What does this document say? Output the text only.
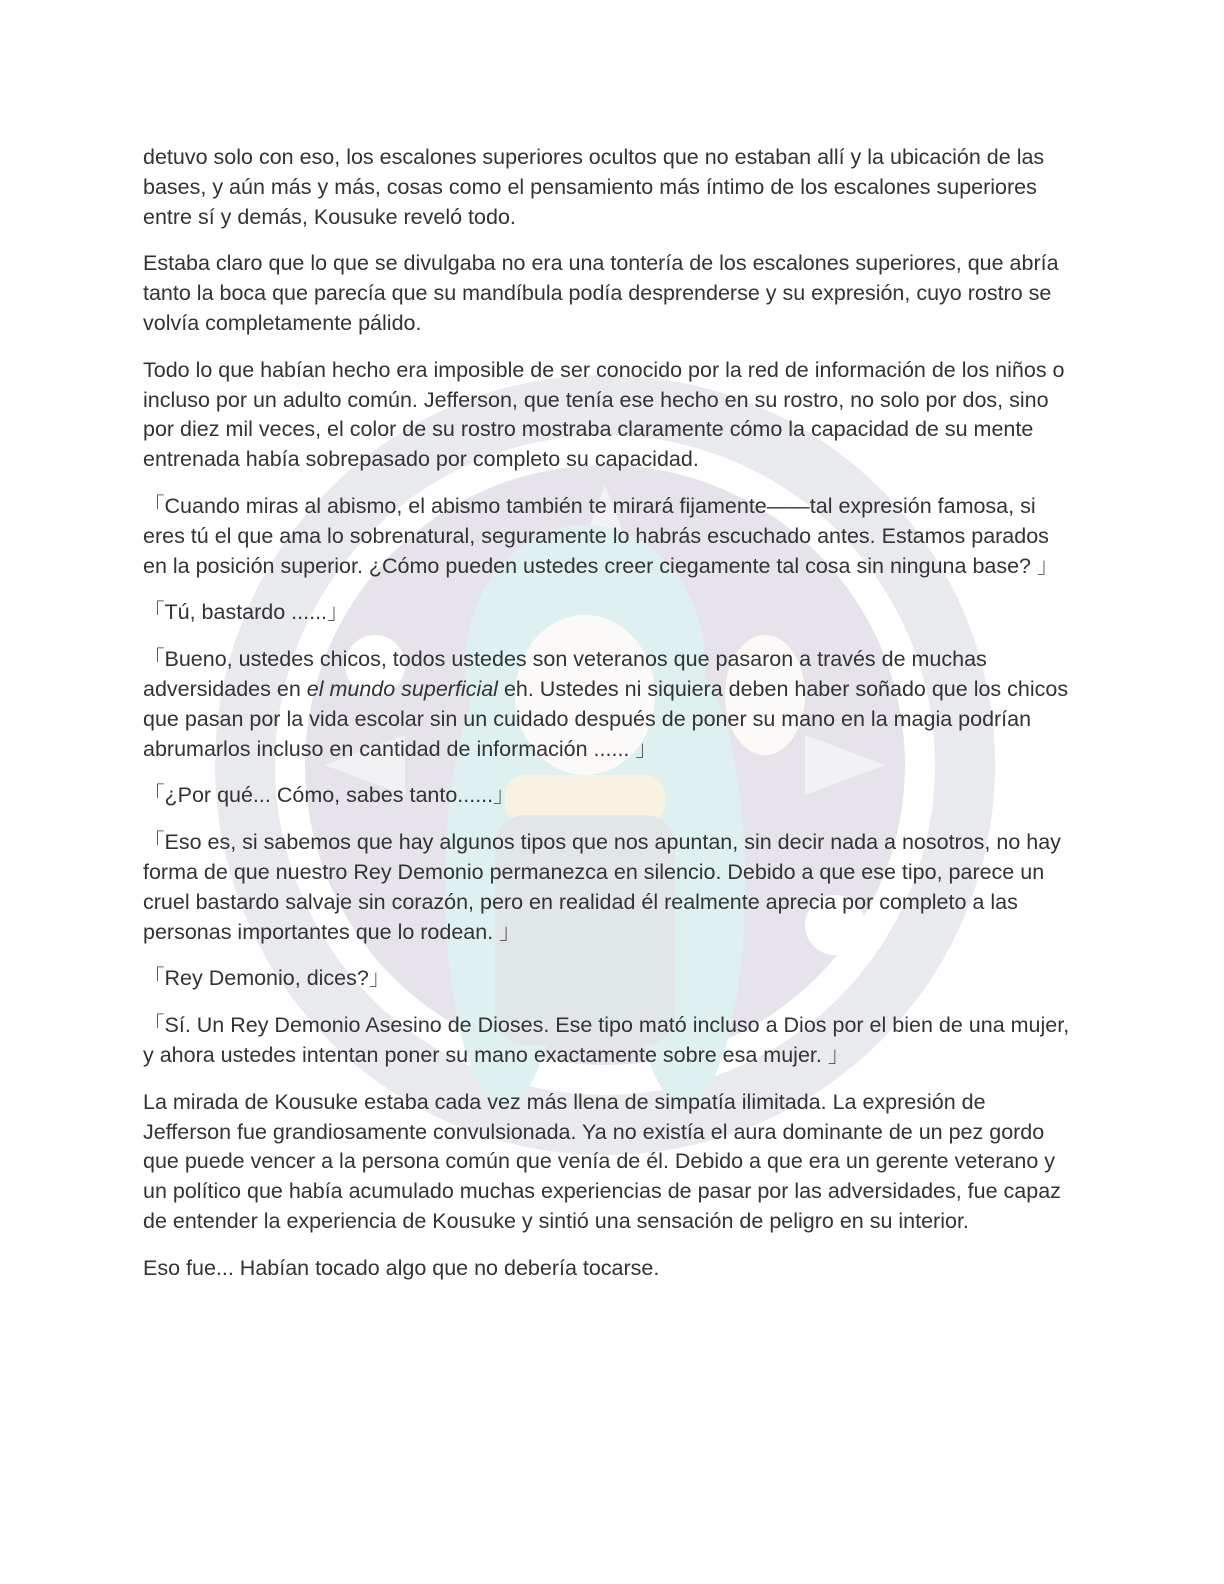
detuvo solo con eso, los escalones superiores ocultos que no estaban allí y la ubicación de las bases, y aún más y más, cosas como el pensamiento más íntimo de los escalones superiores entre sí y demás, Kousuke reveló todo.

Estaba claro que lo que se divulgaba no era una tontería de los escalones superiores, que abría tanto la boca que parecía que su mandíbula podía desprenderse y su expresión, cuyo rostro se volvía completamente pálido.

Todo lo que habían hecho era imposible de ser conocido por la red de información de los niños o incluso por un adulto común. Jefferson, que tenía ese hecho en su rostro, no solo por dos, sino por diez mil veces, el color de su rostro mostraba claramente cómo la capacidad de su mente entrenada había sobrepasado por completo su capacidad.

「Cuando miras al abismo, el abismo también te mirará fijamente――tal expresión famosa, si eres tú el que ama lo sobrenatural, seguramente lo habrás escuchado antes. Estamos parados en la posición superior. ¿Cómo pueden ustedes creer ciegamente tal cosa sin ninguna base? 」

「Tú, bastardo ......」

「Bueno, ustedes chicos, todos ustedes son veteranos que pasaron a través de muchas adversidades en el mundo superficial eh. Ustedes ni siquiera deben haber soñado que los chicos que pasan por la vida escolar sin un cuidado después de poner su mano en la magia podrían abrumarlos incluso en cantidad de información ...... 」

「¿Por qué... Cómo, sabes tanto......」

「Eso es, si sabemos que hay algunos tipos que nos apuntan, sin decir nada a nosotros, no hay forma de que nuestro Rey Demonio permanezca en silencio. Debido a que ese tipo, parece un cruel bastardo salvaje sin corazón, pero en realidad él realmente aprecia por completo a las personas importantes que lo rodean. 」

「Rey Demonio, dices?」

「Sí. Un Rey Demonio Asesino de Dioses. Ese tipo mató incluso a Dios por el bien de una mujer, y ahora ustedes intentan poner su mano exactamente sobre esa mujer. 」

La mirada de Kousuke estaba cada vez más llena de simpatía ilimitada. La expresión de Jefferson fue grandiosamente convulsionada. Ya no existía el aura dominante de un pez gordo que puede vencer a la persona común que venía de él. Debido a que era un gerente veterano y un político que había acumulado muchas experiencias de pasar por las adversidades, fue capaz de entender la experiencia de Kousuke y sintió una sensación de peligro en su interior.

Eso fue... Habían tocado algo que no debería tocarse.
